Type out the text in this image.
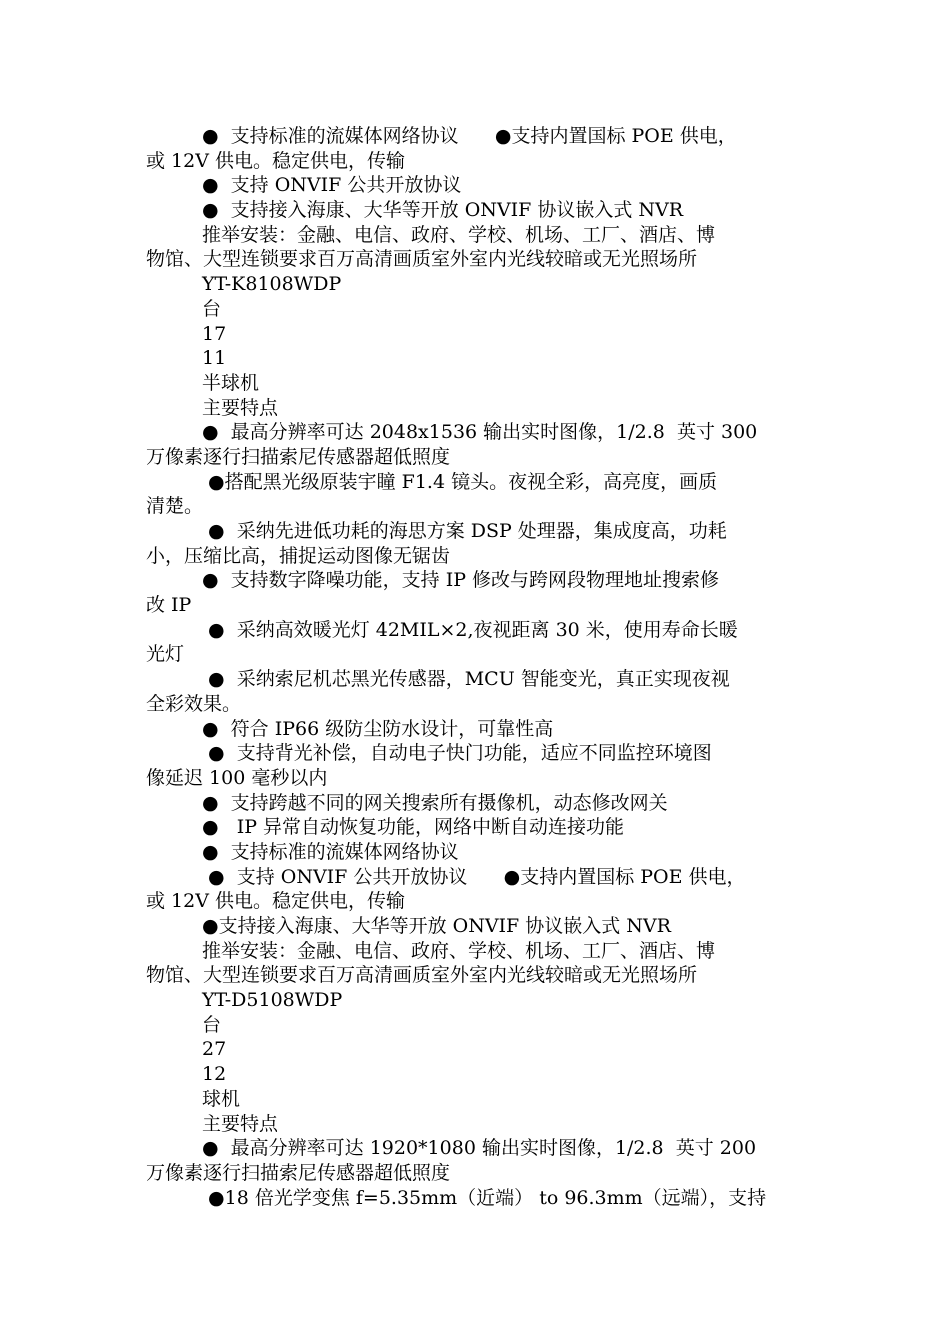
●  支持标准的流媒体网络协议      ●支持内置国标 POE 供电，
或 12V 供电。稳定供电，传输
●  支持 ONVIF 公共开放协议
●  支持接入海康、大华等开放 ONVIF 协议嵌入式 NVR
推举安装：金融、电信、政府、学校、机场、工厂、酒店、博
物馆、大型连锁要求百万高清画质室外室内光线较暗或无光照场所
YT-K8108WDP
台
17
11
半球机
主要特点
●  最高分辨率可达 2048x1536 输出实时图像，1/2.8  英寸 300
万像素逐行扫描索尼传感器超低照度
●搭配黑光级原装宇瞳 F1.4 镜头。夜视全彩，高亮度，画质
清楚。
●  采纳先进低功耗的海思方案 DSP 处理器，集成度高，功耗
小，压缩比高，捕捉运动图像无锯齿
●  支持数字降噪功能，支持 IP 修改与跨网段物理地址搜索修
改 IP
●  采纳高效暖光灯 42MIL×2,夜视距离 30 米，使用寿命长暖
光灯
●  采纳索尼机芯黑光传感器，MCU 智能变光，真正实现夜视
全彩效果。
●  符合 IP66 级防尘防水设计，可靠性高
●  支持背光补偿，自动电子快门功能，适应不同监控环境图
像延迟 100 毫秒以内
●  支持跨越不同的网关搜索所有摄像机，动态修改网关
●   IP 异常自动恢复功能，网络中断自动连接功能
●  支持标准的流媒体网络协议
●  支持 ONVIF 公共开放协议      ●支持内置国标 POE 供电，
或 12V 供电。稳定供电，传输
●支持接入海康、大华等开放 ONVIF 协议嵌入式 NVR
推举安装：金融、电信、政府、学校、机场、工厂、酒店、博
物馆、大型连锁要求百万高清画质室外室内光线较暗或无光照场所
YT-D5108WDP
台
27
12
球机
主要特点
●  最高分辨率可达 1920*1080 输出实时图像，1/2.8  英寸 200
万像素逐行扫描索尼传感器超低照度
●18 倍光学变焦 f=5.35mm（近端） to 96.3mm（远端），支持
